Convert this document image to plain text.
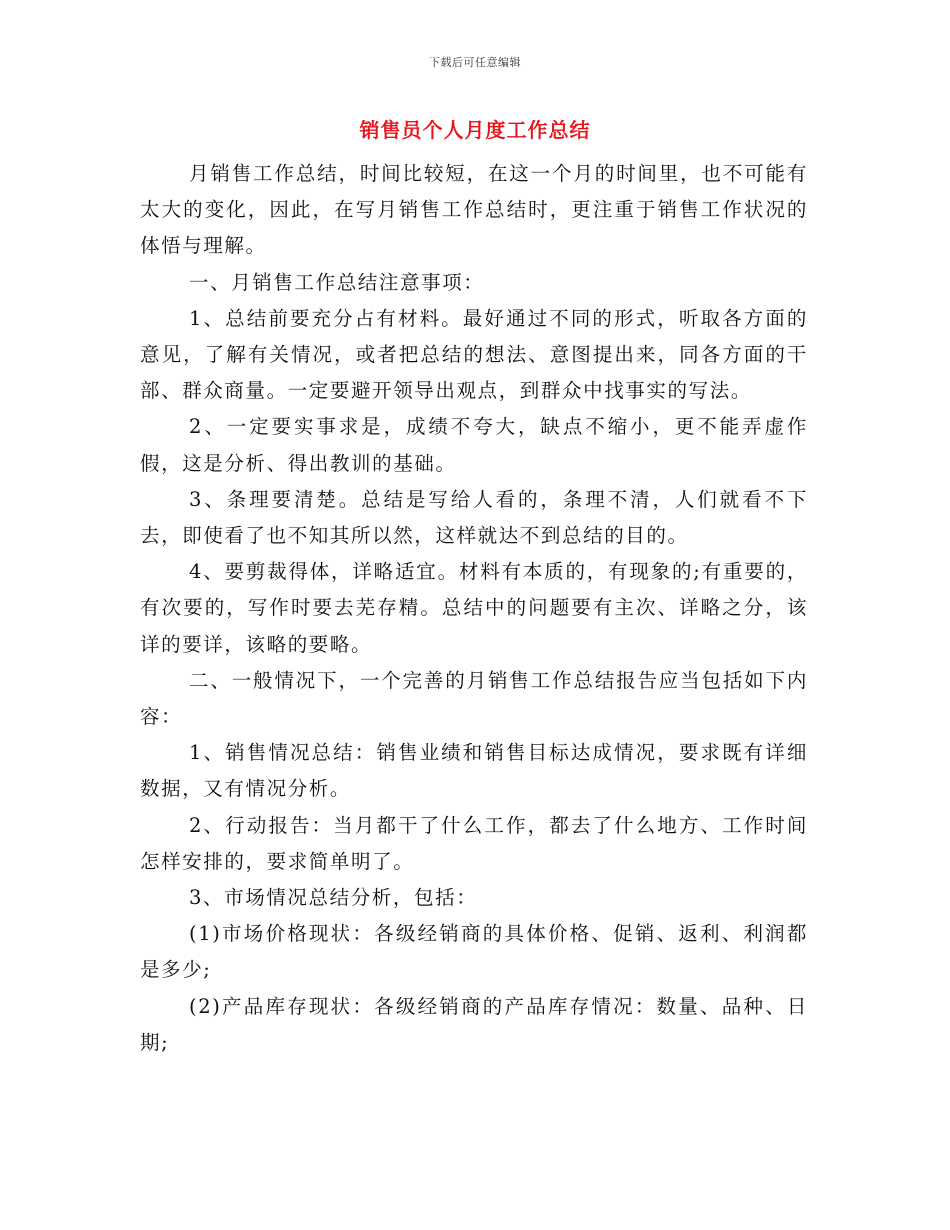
下载后可任意编辑
销售员个人月度工作总结

月销售工作总结，时间比较短，在这一个月的时间里，也不可能有太大的变化，因此，在写月销售工作总结时，更注重于销售工作状况的体悟与理解。

一、月销售工作总结注意事项：

1、总结前要充分占有材料。最好通过不同的形式，听取各方面的意见，了解有关情况，或者把总结的想法、意图提出来，同各方面的干部、群众商量。一定要避开领导出观点，到群众中找事实的写法。

2、一定要实事求是，成绩不夸大，缺点不缩小，更不能弄虚作假，这是分析、得出教训的基础。

3、条理要清楚。总结是写给人看的，条理不清，人们就看不下去，即使看了也不知其所以然，这样就达不到总结的目的。

4、要剪裁得体，详略适宜。材料有本质的，有现象的;有重要的，有次要的，写作时要去芜存精。总结中的问题要有主次、详略之分，该详的要详，该略的要略。

二、一般情况下，一个完善的月销售工作总结报告应当包括如下内容：

1、销售情况总结：销售业绩和销售目标达成情况，要求既有详细数据，又有情况分析。

2、行动报告：当月都干了什么工作，都去了什么地方、工作时间怎样安排的，要求简单明了。

3、市场情况总结分析，包括：

(1)市场价格现状：各级经销商的具体价格、促销、返利、利润都是多少;

(2)产品库存现状：各级经销商的产品库存情况：数量、品种、日期;
